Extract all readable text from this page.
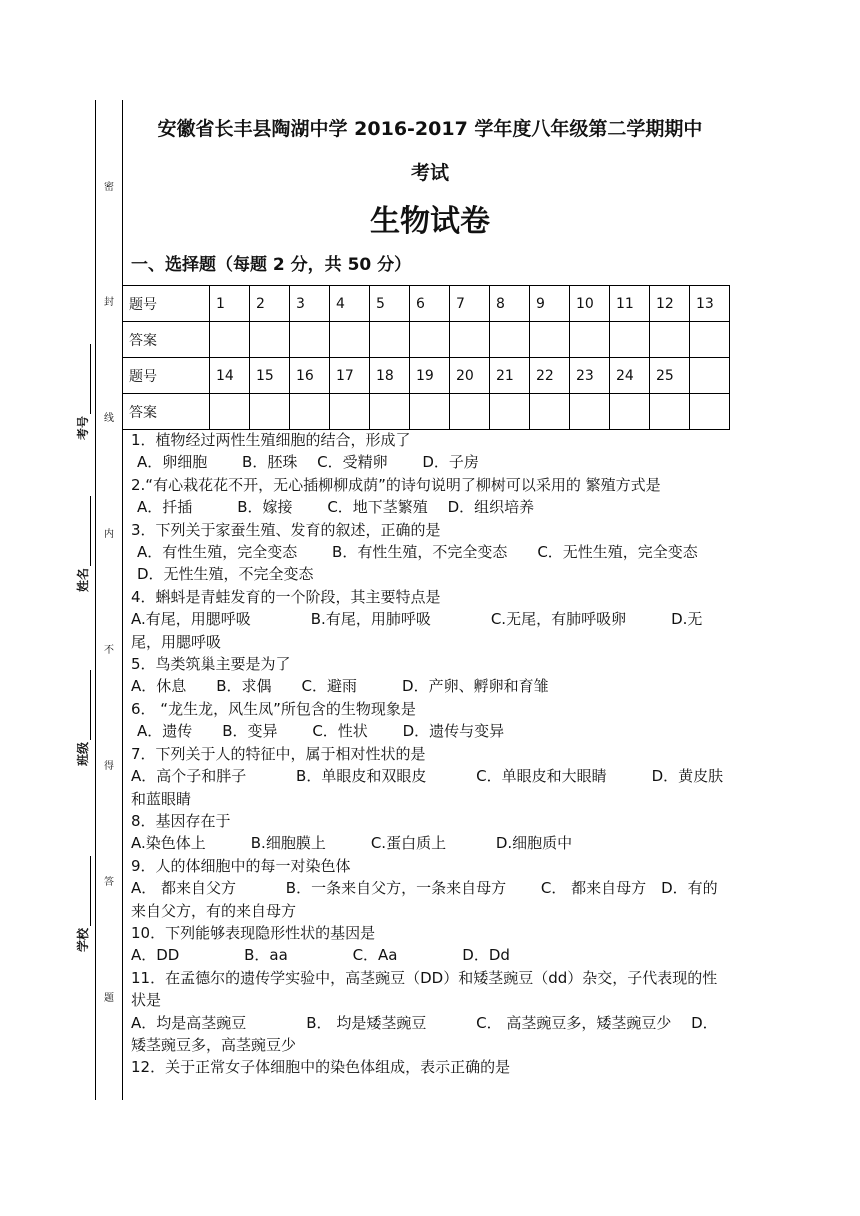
密
封
线
内
不
得
答
题
考号
姓名
班级
学校
安徽省长丰县陶湖中学 2016-2017 学年度八年级第二学期期中
考试
生物试卷
一、选择题（每题 2 分，共 50 分）
题号	1	2	3	4	5	6	7	8	9	10	11	12	13
答案													
题号	14	15	16	17	18	19	20	21	22	23	24	25	
答案													

1．植物经过两性生殖细胞的结合，形成了

A．卵细胞　　 B．胚珠　 C．受精卵　　 D．子房

2.“有心栽花花不开，无心插柳柳成荫”的诗句说明了柳树可以采用的 繁殖方式是

A．扦插　　　B．嫁接　　 C．地下茎繁殖　 D．组织培养

3．下列关于家蚕生殖、发育的叙述，正确的是

A．有性生殖，完全变态　　 B．有性生殖，不完全变态　　C．无性生殖，完全变态　　 D．无性生殖，不完全变态

4．蝌蚪是青蛙发育的一个阶段，其主要特点是

A.有尾，用腮呼吸　　　　B.有尾，用肺呼吸　　　　C.无尾，有肺呼吸卵　　　D.无尾，用腮呼吸

5．鸟类筑巢主要是为了

A．休息　　B．求偶　　C．避雨　　　D．产卵、孵卵和育雏

6． “龙生龙，风生凤”所包含的生物现象是

A．遗传　　B．变异　　 C．性状　　 D．遗传与变异

7．下列关于人的特征中，属于相对性状的是

A．高个子和胖子　　　 B．单眼皮和双眼皮　　　 C．单眼皮和大眼睛　　　D．黄皮肤和蓝眼睛

8．基因存在于

A.染色体上　　　B.细胞膜上　　　C.蛋白质上　　　 D.细胞质中

9．人的体细胞中的每一对染色体

A． 都来自父方　　　 B．一条来自父方，一条来自母方　　 C． 都来自母方　D．有的来自父方，有的来自母方

10．下列能够表现隐形性状的基因是

A．DD　　　　 B．aa　　　　 C．Aa　　　　 D．Dd

11．在孟德尔的遗传学实验中，高茎豌豆（DD）和矮茎豌豆（dd）杂交，子代表现的性状是

A．均是高茎豌豆　　　　B． 均是矮茎豌豆　　　 C． 高茎豌豆多，矮茎豌豆少　 D．矮茎豌豆多，高茎豌豆少

12．关于正常女子体细胞中的染色体组成，表示正确的是
